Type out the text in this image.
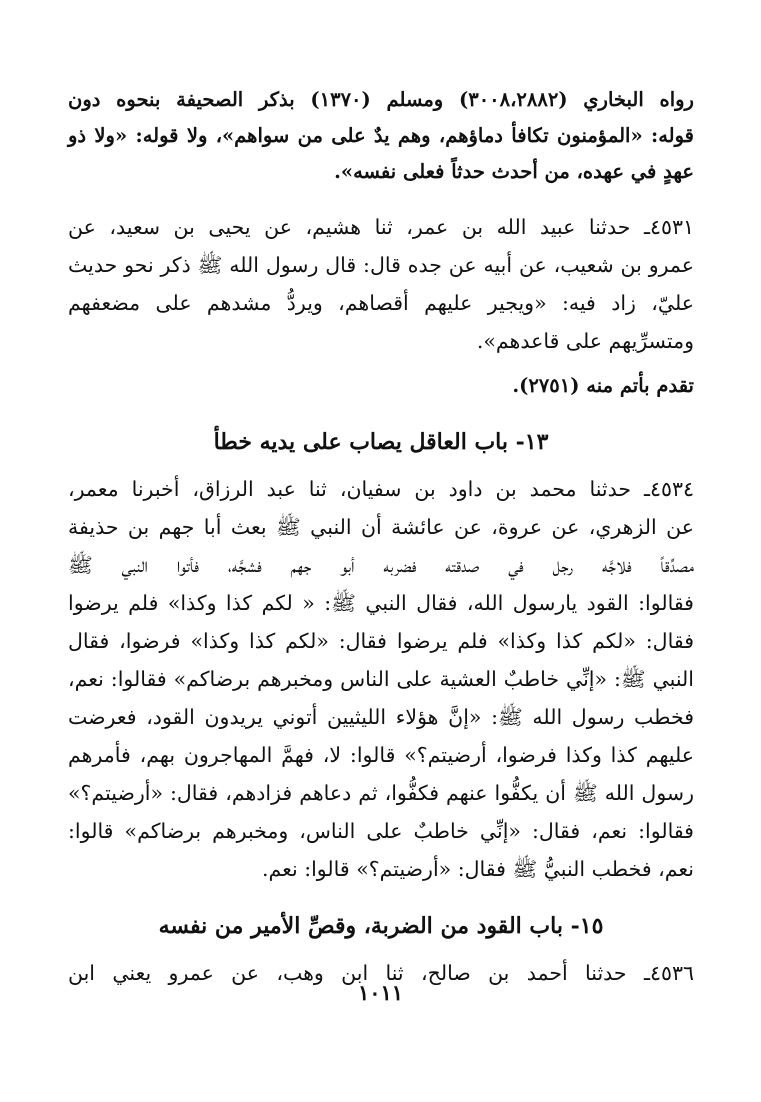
رواه البخاري (٣٠٠٨،٢٨٨٢) ومسلم (١٣٧٠) بذكر الصحيفة بنحوه دون
قوله: «المؤمنون تكافأ دماؤهم، وهم يدٌ على من سواهم»، ولا قوله: «ولا ذو
عهدٍ في عهده، من أحدث حدثاً فعلى نفسه».
٤٥٣١ـ حدثنا عبيد الله بن عمر، ثنا هشيم، عن يحيى بن سعيد، عن
عمرو بن شعيب، عن أبيه عن جده قال: قال رسول الله ﷺ ذكر نحو حديث
عليّ، زاد فيه: «ويجير عليهم أقصاهم، ويردُّ مشدهم على مضعفهم
ومتسرِّيهم على قاعدهم».
تقدم بأتم منه (٢٧٥١).
١٣- باب العاقل يصاب على يديه خطأ
٤٥٣٤ـ حدثنا محمد بن داود بن سفيان، ثنا عبد الرزاق، أخبرنا معمر،
عن الزهري، عن عروة، عن عائشة أن النبي ﷺ بعث أبا جهم بن حذيفة
مصدِّقاً فلاجَّه رجل في صدقته فضربه أبو جهم فشجَّه، فأتوا النبي ﷺ
فقالوا: القود يارسول الله، فقال النبي ﷺ: « لكم كذا وكذا» فلم يرضوا
فقال: «لكم كذا وكذا» فلم يرضوا فقال: «لكم كذا وكذا» فرضوا، فقال
النبي ﷺ: «إنِّي خاطبٌ العشية على الناس ومخبرهم برضاكم» فقالوا: نعم،
فخطب رسول الله ﷺ: «إنَّ هؤلاء الليثيين أتوني يريدون القود، فعرضت
عليهم كذا وكذا فرضوا، أرضيتم؟» قالوا: لا، فهمَّ المهاجرون بهم، فأمرهم
رسول الله ﷺ أن يكفُّوا عنهم فكفُّوا، ثم دعاهم فزادهم، فقال: «أرضيتم؟»
فقالوا: نعم، فقال: «إنِّي خاطبٌ على الناس، ومخبرهم برضاكم» قالوا:
نعم، فخطب النبيُّ ﷺ فقال: «أرضيتم؟» قالوا: نعم.
١٥- باب القود من الضربة، وقصِّ الأمير من نفسه
٤٥٣٦ـ حدثنا أحمد بن صالح، ثنا ابن وهب، عن عمرو يعني ابن
١٠١١
